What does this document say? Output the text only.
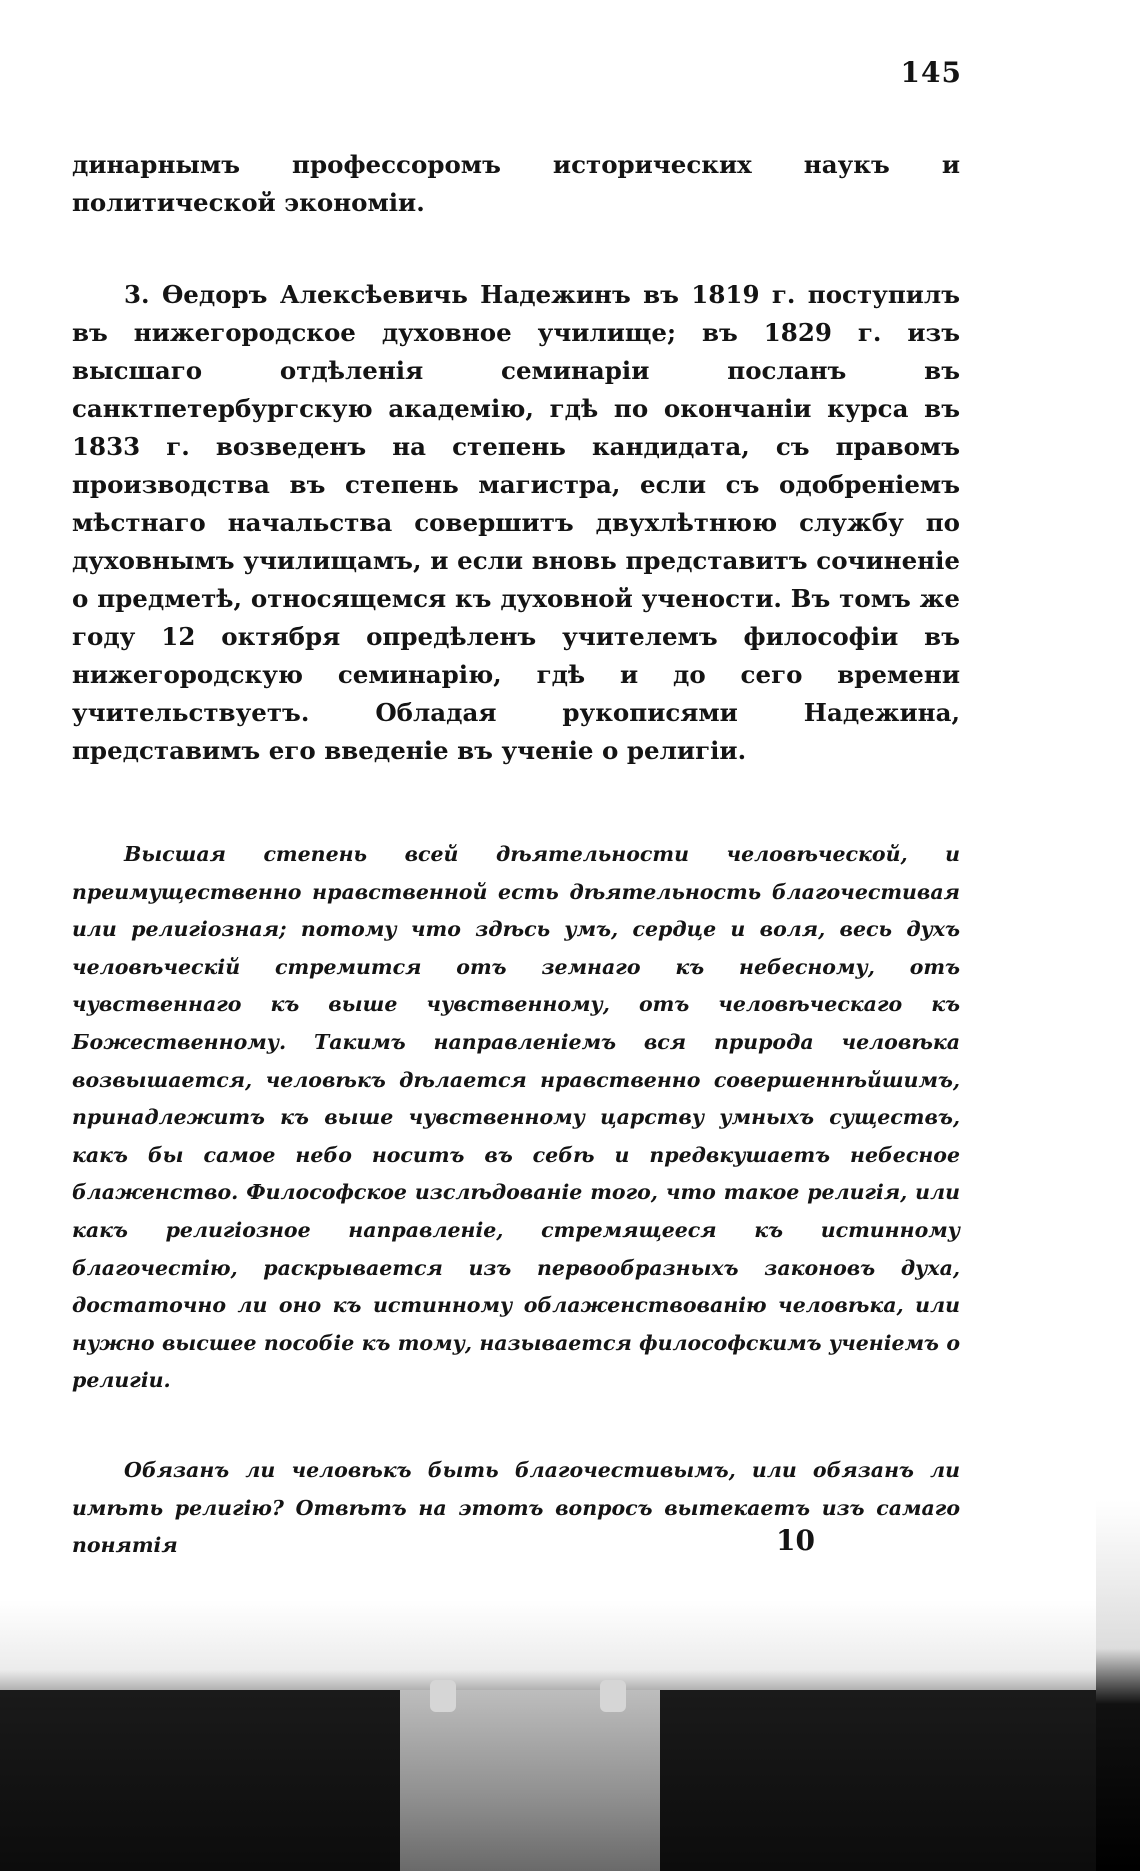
145

динарнымъ профессоромъ исторических наукъ и политической экономіи.

3. Ѳедоръ Алексѣевичь Надежинъ въ 1819 г. поступилъ въ нижегородское духовное училище; въ 1829 г. изъ высшаго отдѣленія семинаріи посланъ въ санктпетербургскую академію, гдѣ по окончаніи курса въ 1833 г. возведенъ на степень кандидата, съ правомъ производства въ степень магистра, если съ одобреніемъ мѣстнаго начальства совершитъ двухлѣтнюю службу по духовнымъ училищамъ, и если вновь представитъ сочиненіе о предметѣ, относящемся къ духовной учености. Въ томъ же году 12 октября опредѣленъ учителемъ философіи въ нижегородскую семинарію, гдѣ и до сего времени учительствуетъ. Обладая рукописями Надежина, представимъ его введеніе въ ученіе о религіи.

Высшая степень всей дѣятельности человѣческой, и преимущественно нравственной есть дѣятельность благочестивая или религіозная; потому что здѣсь умъ, сердце и воля, весь духъ человѣческій стремится отъ земнаго къ небесному, отъ чувственнаго къ выше чувственному, отъ человѣческаго къ Божественному. Такимъ направленіемъ вся природа человѣка возвышается, человѣкъ дѣлается нравственно совершеннѣйшимъ, принадлежитъ къ выше чувственному царству умныхъ существъ, какъ бы самое небо носитъ въ себѣ и предвкушаетъ небесное блаженство. Философское изслѣдованіе того, что такое религія, или какъ религіозное направленіе, стремящееся къ истинному благочестію, раскрывается изъ первообразныхъ законовъ духа, достаточно ли оно къ истинному облаженствованію человѣка, или нужно высшее пособіе къ тому, называется философскимъ ученіемъ о религіи.

Обязанъ ли человѣкъ быть благочестивымъ, или обязанъ ли имѣть религію? Отвѣтъ на этотъ вопросъ вытекаетъ изъ самаго понятія	10
